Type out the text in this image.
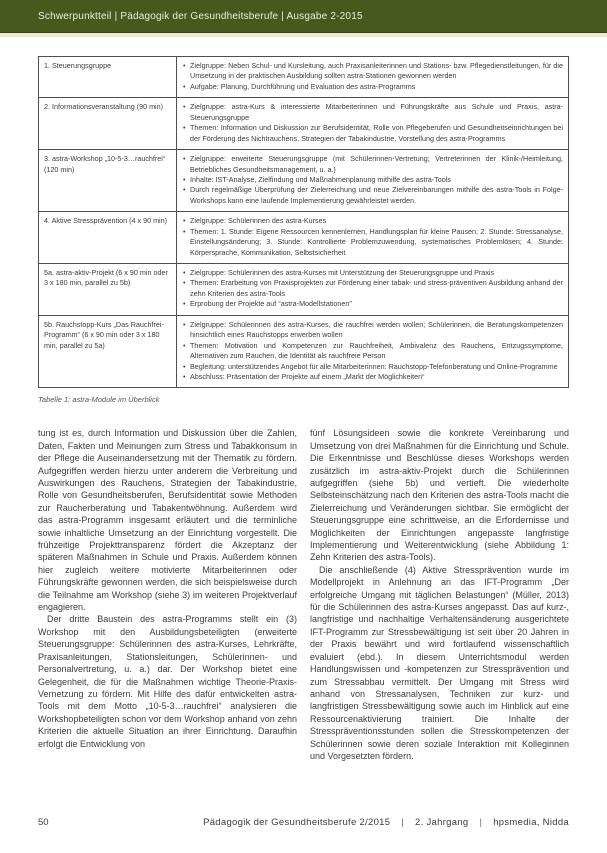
Schwerpunktteil | Pädagogik der Gesundheitsberufe | Ausgabe 2-2015
1. Steuerungsgruppe	
•Zielgruppe: Neben Schul- und Kursleitung, auch Praxisanleiterinnen und Stations- bzw. Pflegedienstleitungen, für die Umsetzung in der praktischen Ausbildung sollten astra-Stationen gewonnen werden
• Aufgabe: Planung, Durchführung und Evaluation des astra-Programms

2. Informationsveranstaltung (90 min)	
•Zielgruppe: astra-Kurs & interessierte Mitarbeiterinnen und Führungskräfte aus Schule und Praxis, astra-Steuerungsgruppe
• Themen: Information und Diskussion zur Berufsidentität, Rolle von Pflegeberufen und Gesundheitseinrichtungen bei der Förderung des Nichtrauchens, Strategien der Tabakindustrie, Vorstellung des astra-Programms

3. astra-Workshop „10-5-3…rauchfrei“ (120 min)	
• Zielgruppe: erweiterte Steuerungsgruppe (mit Schülerinnen-Vertretung; Vertreterinnen der Klinik-/Heimleitung, Betriebliches Gesundheitsmanagement, u. a.)
• Inhalte: IST-Analyse, Zielfindung und Maßnahmenplanung mithilfe des astra-Tools
• Durch regelmäßige Überprüfung der Zielerreichung und neue Zielvereinbarungen mithilfe des astra-Tools in Folge-Workshops kann eine laufende Implementierung gewährleistet werden.

4. Aktive Stressprävention (4 x 90 min)	
•Zielgruppe: Schülerinnen des astra-Kurses
• Themen: 1. Stunde: Eigene Ressourcen kennenlernen, Handlungsplan für kleine Pausen; 2. Stunde: Stressanalyse, Einstellungsänderung; 3. Stunde: Kontrollierte Problemzuwendung, systematisches Problemlösen; 4. Stunde: Körpersprache, Kommunikation, Selbstsicherheit

5a. astra-aktiv-Projekt (6 x 90 min oder 3 x 180 min, parallel zu 5b)	
• Zielgruppe: Schülerinnen des astra-Kurses mit Unterstützung der Steuerungsgruppe und Praxis
• Themen: Erarbeitung von Praxisprojekten zur Förderung einer tabak- und stress-präventiven Ausbildung anhand der zehn Kriterien des astra-Tools
• Erprobung der Projekte auf “astra-Modellstationen”

5b. Rauchstopp-Kurs „Das Rauchfrei-Programm“ (6 x 90 min oder 3 x 180 min, parallel zu 5a)	
• Zielgruppe: Schülerinnen des astra-Kurses, die rauchfrei werden wollen; Schülerinnen, die Beratungskompetenzen hinsichtlich eines Rauchstopps erwerben wollen
• Themen: Motivation und Kompetenzen zur Rauchfreiheit, Ambivalenz des Rauchens, Entzugssymptome, Alternativen zum Rauchen, die Identität als rauchfreie Person
• Begleitung: unterstützendes Angebot für alle Mitarbeiterinnen: Rauchstopp-Telefonberatung und Online-Programme
• Abschluss: Präsentation der Projekte auf einem „Markt der Möglichkeiten“

Tabelle 1: astra-Module im Überblick

tung ist es, durch Information und Diskussion über die Zahlen, Daten, Fakten und Meinungen zum Stress und Tabakkonsum in der Pflege die Auseinandersetzung mit der Thematik zu fördern. Aufgegriffen werden hierzu unter anderem die Verbreitung und Auswirkungen des Rauchens, Strategien der Tabakindustrie, Rolle von Gesundheitsberufen, Berufsidentität sowie Methoden zur Raucherberatung und Tabakentwöhnung. Außerdem wird das astra-Programm insgesamt erläutert und die terminliche sowie inhaltliche Umsetzung an der Einrichtung vorgestellt. Die frühzeitige Projekttransparenz fördert die Akzeptanz der späteren Maßnahmen in Schule und Praxis. Außerdem können hier zugleich weitere motivierte Mitarbeiterinnen oder Führungskräfte gewonnen werden, die sich beispielsweise durch die Teilnahme am Workshop (siehe 3) im weiteren Projektverlauf engagieren.

Der dritte Baustein des astra-Programms stellt ein (3) Workshop mit den Ausbildungsbeteiligten (erweiterte Steuerungsgruppe: Schülerinnen des astra-Kurses, Lehrkräfte, Praxisanleitungen, Stationsleitungen, Schülerinnen- und Personalvertretung, u. a.) dar. Der Workshop bietet eine Gelegenheit, die für die Maßnahmen wichtige Theorie-Praxis-Vernetzung zu fördern. Mit Hilfe des dafür entwickelten astra-Tools mit dem Motto „10-5-3…rauchfrei“ analysieren die Workshopbeteiligten schon vor dem Workshop anhand von zehn Kriterien die aktuelle Situation an ihrer Einrichtung. Daraufhin erfolgt die Entwicklung von

fünf Lösungsideen sowie die konkrete Vereinbarung und Umsetzung von drei Maßnahmen für die Einrichtung und Schule. Die Erkenntnisse und Beschlüsse dieses Workshops werden zusätzlich im astra-aktiv-Projekt durch die Schülerinnen aufgegriffen (siehe 5b) und vertieft. Die wiederholte Selbsteinschätzung nach den Kriterien des astra-Tools macht die Zielerreichung und Veränderungen sichtbar. Sie ermöglicht der Steuerungsgruppe eine schrittweise, an die Erfordernisse und Möglichkeiten der Einrichtungen angepasste langfristige Implementierung und Weiterentwicklung (siehe Abbildung 1: Zehn Kriterien des astra-Tools).

Die anschließende (4) Aktive Stressprävention wurde im Modellprojekt in Anlehnung an das IFT-Programm „Der erfolgreiche Umgang mit täglichen Belastungen“ (Müller, 2013) für die Schülerinnen des astra-Kurses angepasst. Das auf kurz-, langfristige und nachhaltige Verhaltensänderung ausgerichtete IFT-Programm zur Stressbewältigung ist seit über 20 Jahren in der Praxis bewährt und wird fortlaufend wissenschaftlich evaluiert (ebd.). In diesem Unterrichtsmodul werden Handlungswissen und -kompetenzen zur Stressprävention und zum Stressabbau vermittelt. Der Umgang mit Stress wird anhand von Stressanalysen, Techniken zur kurz- und langfristigen Stressbewältigung sowie auch im Hinblick auf eine Ressourcenaktivierung trainiert. Die Inhalte der Stresspräventionsstunden sollen die Stresskompetenzen der Schülerinnen sowie deren soziale Interaktion mit Kolleginnen und Vorgesetzten fördern.

50	Pädagogik der Gesundheitsberufe 2/2015 | 2. Jahrgang | hpsmedia, Nidda
